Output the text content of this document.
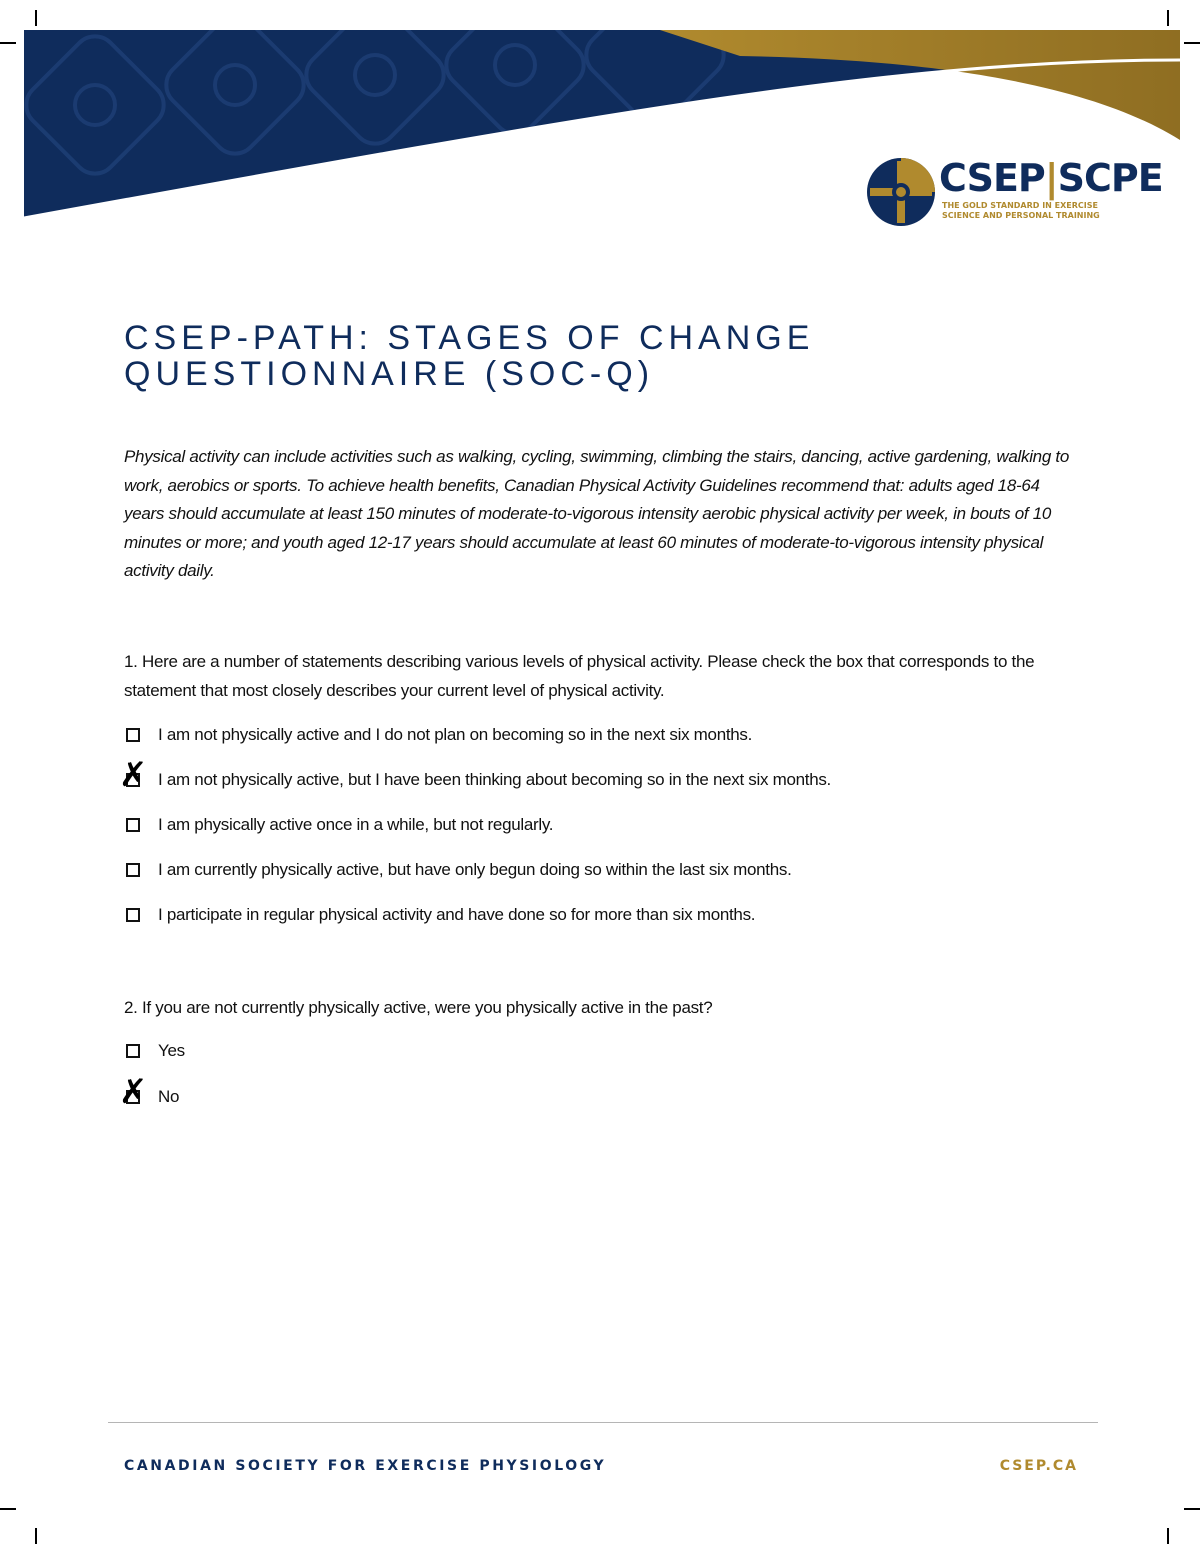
CSEP|SCPE
THE GOLD STANDARD IN EXERCISE SCIENCE AND PERSONAL TRAINING
CSEP-PATH: STAGES OF CHANGE QUESTIONNAIRE (SOC-Q)

Physical activity can include activities such as walking, cycling, swimming, climbing the stairs, dancing, active gardening, walking to work, aerobics or sports. To achieve health benefits, Canadian Physical Activity Guidelines recommend that: adults aged 18-64 years should accumulate at least 150 minutes of moderate-to-vigorous intensity aerobic physical activity per week, in bouts of 10 minutes or more; and youth aged 12-17 years should accumulate at least 60 minutes of moderate-to-vigorous intensity physical activity daily.

1. Here are a number of statements describing various levels of physical activity. Please check the box that corresponds to the statement that most closely describes your current level of physical activity.

I am not physically active and I do not plan on becoming so in the next six months.
✗ I am not physically active, but I have been thinking about becoming so in the next six months.
I am physically active once in a while, but not regularly.
I am currently physically active, but have only begun doing so within the last six months.
I participate in regular physical activity and have done so for more than six months.

2. If you are not currently physically active, were you physically active in the past?

Yes
✗ No
CANADIAN SOCIETY FOR EXERCISE PHYSIOLOGY	CSEP.CA
